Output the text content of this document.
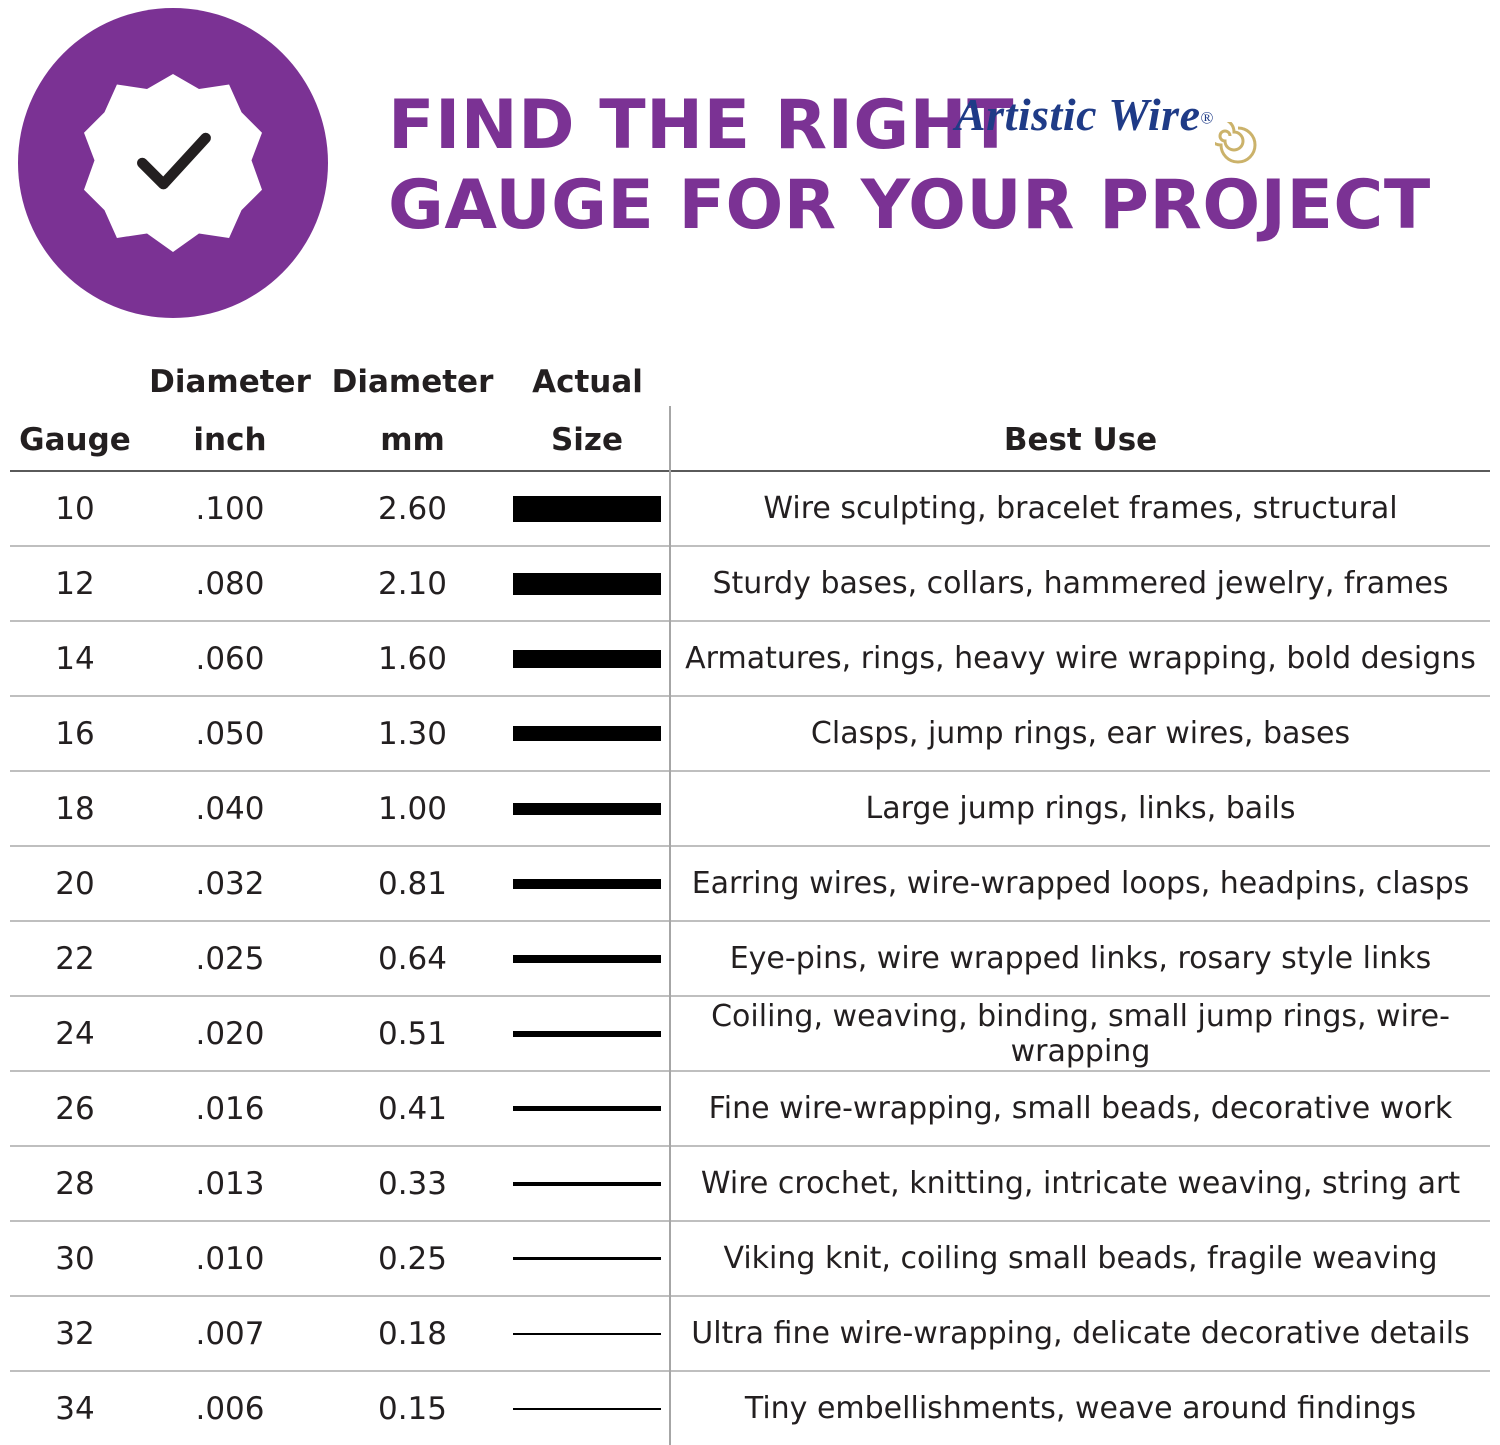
FIND THE RIGHT
GAUGE FOR YOUR PROJECT
Artistic Wire®
	Diameter	Diameter	Actual	
Gauge	inch	mm	Size	Best Use
10	.100	2.60		Wire sculpting, bracelet frames, structural
12	.080	2.10		Sturdy bases, collars, hammered jewelry, frames
14	.060	1.60		Armatures, rings, heavy wire wrapping, bold designs
16	.050	1.30		Clasps, jump rings, ear wires, bases
18	.040	1.00		Large jump rings, links, bails
20	.032	0.81		Earring wires, wire-wrapped loops, headpins, clasps
22	.025	0.64		Eye-pins, wire wrapped links, rosary style links
24	.020	0.51		Coiling, weaving, binding, small jump rings, wire-wrapping
26	.016	0.41		Fine wire-wrapping, small beads, decorative work
28	.013	0.33		Wire crochet, knitting, intricate weaving, string art
30	.010	0.25		Viking knit, coiling small beads, fragile weaving
32	.007	0.18		Ultra fine wire-wrapping, delicate decorative details
34	.006	0.15		Tiny embellishments, weave around findings
